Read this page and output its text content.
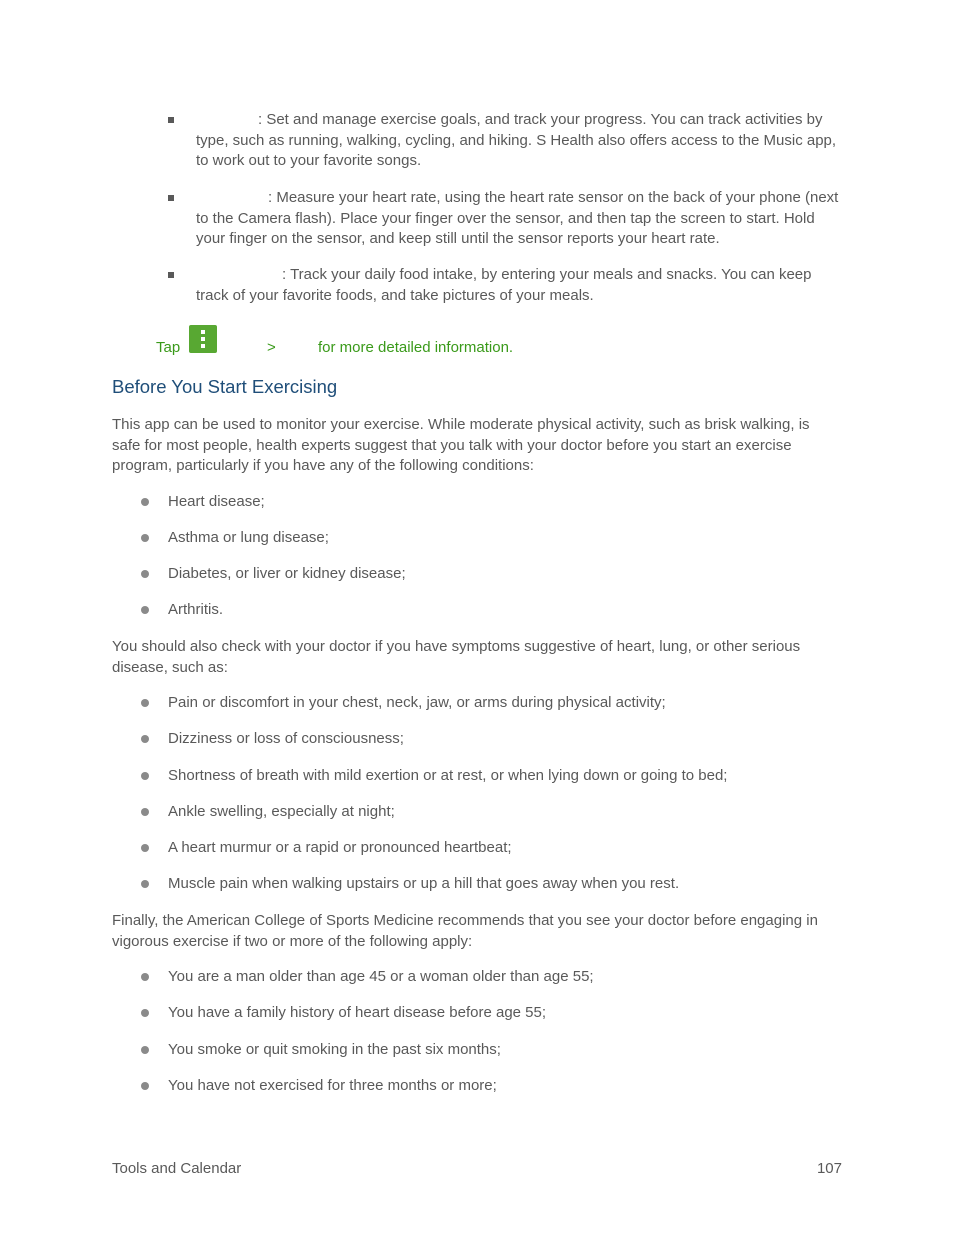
: Set and manage exercise goals, and track your progress. You can track activities by type, such as running, walking, cycling, and hiking. S Health also offers access to the Music app, to work out to your favorite songs.
: Measure your heart rate, using the heart rate sensor on the back of your phone (next to the Camera flash). Place your finger over the sensor, and then tap the screen to start. Hold your finger on the sensor, and keep still until the sensor reports your heart rate.
: Track your daily food intake, by entering your meals and snacks. You can keep track of your favorite foods, and take pictures of your meals.
Tap	>	for more detailed information.
Before You Start Exercising
This app can be used to monitor your exercise. While moderate physical activity, such as brisk walking, is safe for most people, health experts suggest that you talk with your doctor before you start an exercise program, particularly if you have any of the following conditions:
Heart disease;
Asthma or lung disease;
Diabetes, or liver or kidney disease;
Arthritis.
You should also check with your doctor if you have symptoms suggestive of heart, lung, or other serious disease, such as:
Pain or discomfort in your chest, neck, jaw, or arms during physical activity;
Dizziness or loss of consciousness;
Shortness of breath with mild exertion or at rest, or when lying down or going to bed;
Ankle swelling, especially at night;
A heart murmur or a rapid or pronounced heartbeat;
Muscle pain when walking upstairs or up a hill that goes away when you rest.
Finally, the American College of Sports Medicine recommends that you see your doctor before engaging in vigorous exercise if two or more of the following apply:
You are a man older than age 45 or a woman older than age 55;
You have a family history of heart disease before age 55;
You smoke or quit smoking in the past six months;
You have not exercised for three months or more;
Tools and Calendar	107
